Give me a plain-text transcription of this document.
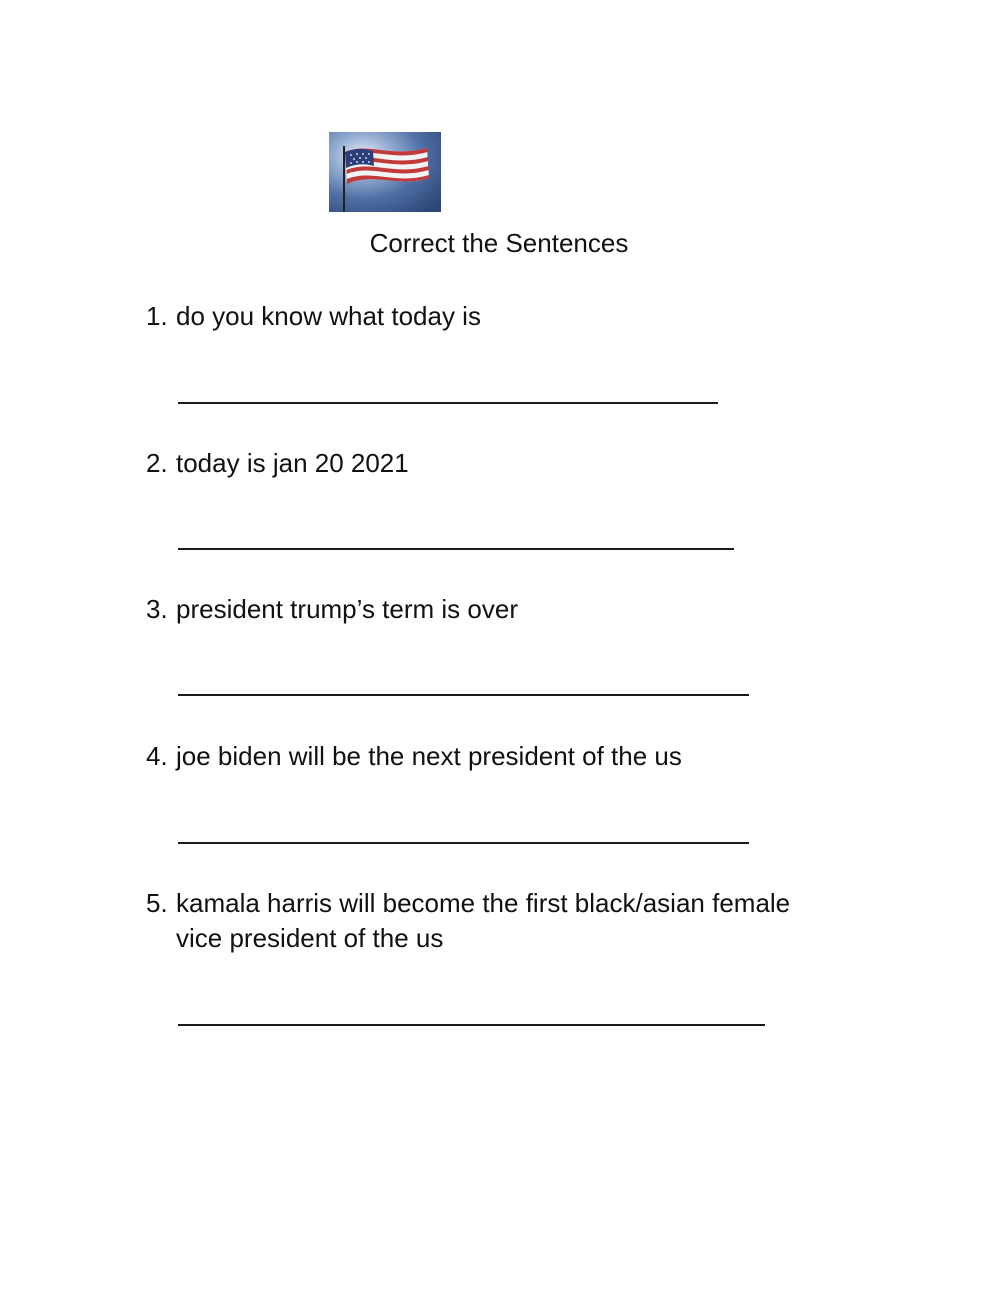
Correct the Sentences
1. do you know what today is
2. today is jan 20 2021
3. president trump’s term is over
4. joe biden will be the next president of the us
5. kamala harris will become the first black/asian female
vice president of the us
